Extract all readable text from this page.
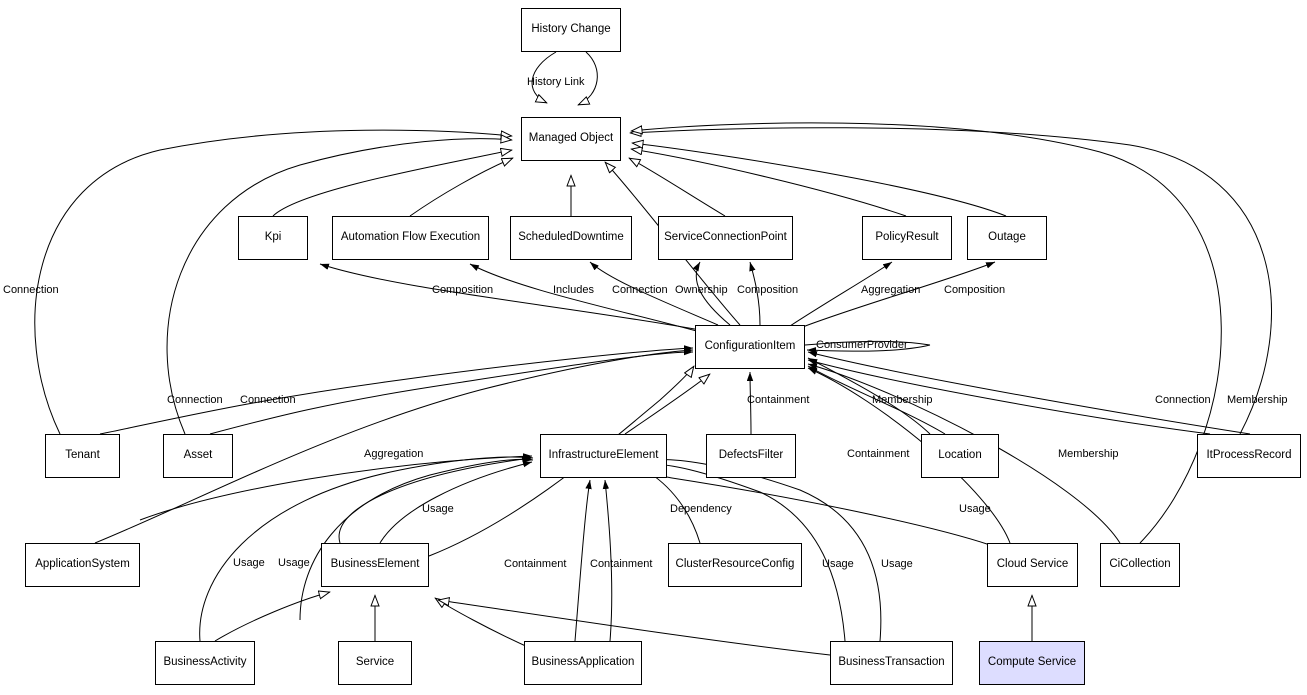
History Change
Managed Object
Kpi	Automation Flow Execution	ScheduledDowntime	ServiceConnectionPoint	PolicyResult	Outage
ConfigurationItem
Tenant	Asset	InfrastructureElement	DefectsFilter	Location	ItProcessRecord
ApplicationSystem	BusinessElement	ClusterResourceConfig	Cloud Service	CiCollection
BusinessActivity	Service	BusinessApplication	BusinessTransaction	Compute Service
History Link
Connection	Composition	Includes Connection Ownership Composition	Aggregation Composition
ConsumerProvider
Connection Connection	Containment	Membership	Connection Membership
Aggregation	Containment	Membership
Usage	Dependency	Usage
Usage Usage	Containment Containment	Usage Usage
